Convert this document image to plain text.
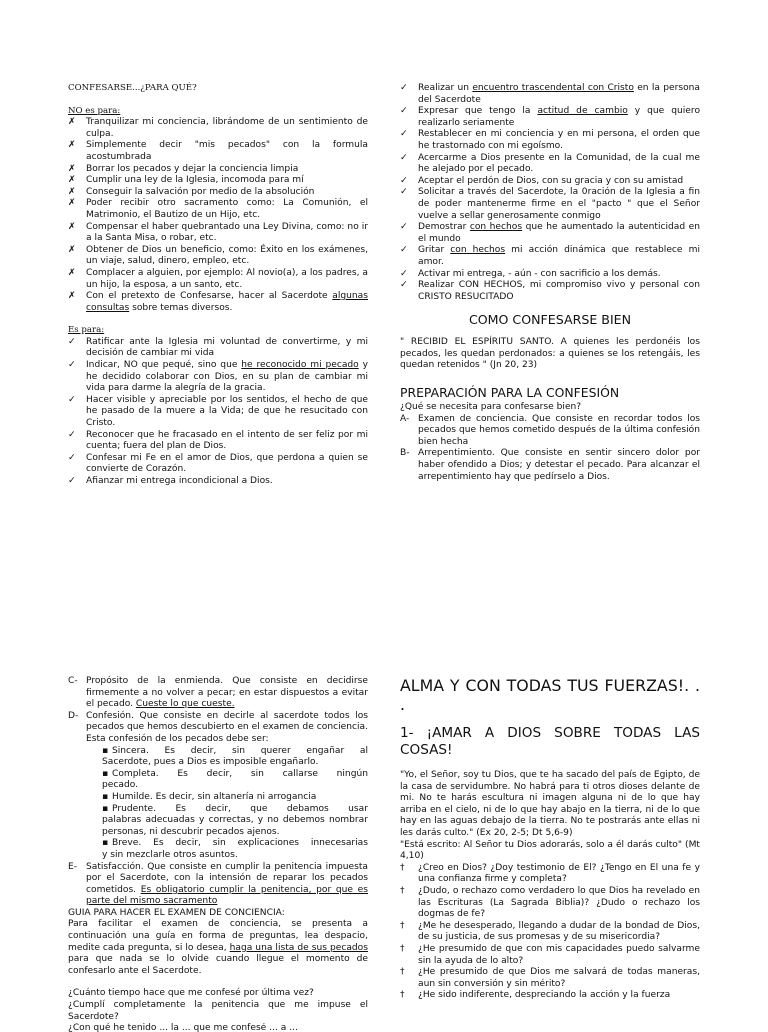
CONFESARSE...¿PARA QUÉ?
NO es para:
✗	Tranquilizar mi conciencia, librándome de un sentimiento de culpa.
✗	Simplemente decir "mis pecados" con la formula acostumbrada
✗	Borrar los pecados y dejar la conciencia limpia
✗	Cumplir una ley de la Iglesia, incomoda para mí
✗	Conseguir la salvación por medio de la absolución
✗	Poder recibir otro sacramento como: La Comunión, el Matrimonio, el Bautizo de un Hijo, etc.
✗	Compensar el haber quebrantado una Ley Divina, como: no ir a la Santa Misa, o robar, etc.
✗	Obtener de Dios un beneficio, como: Éxito en los exámenes, un viaje, salud, dinero, empleo, etc.
✗	Complacer a alguien, por ejemplo: Al novio(a), a los padres, a un hijo, la esposa, a un santo, etc.
✗	Con el pretexto de Confesarse, hacer al Sacerdote algunas consultas sobre temas diversos.
Es para:
✓	Ratificar ante la Iglesia mi voluntad de convertirme, y mi decisión de cambiar mi vida
✓	Indicar, NO que pequé, sino que he reconocido mi pecado y he decidido colaborar con Dios, en su plan de cambiar mi vida para darme la alegría de la gracia.
✓	Hacer visible y apreciable por los sentidos, el hecho de que he pasado de la muere a la Vida; de que he resucitado con Cristo.
✓	Reconocer que he fracasado en el intento de ser feliz por mi cuenta; fuera del plan de Dios.
✓	Confesar mi Fe en el amor de Dios, que perdona a quien se convierte de Corazón.
✓	Afianzar mi entrega incondicional a Dios.
✓	Realizar un encuentro trascendental con Cristo en la persona del Sacerdote
✓	Expresar que tengo la actitud de cambio y que quiero realizarlo seriamente
✓	Restablecer en mi conciencia y en mi persona, el orden que he trastornado con mi egoísmo.
✓	Acercarme a Dios presente en la Comunidad, de la cual me he alejado por el pecado.
✓	Aceptar el perdón de Dios, con su gracia y con su amistad
✓	Solicitar a través del Sacerdote, la 0ración de la Iglesia a fin de poder mantenerme firme en el "pacto " que el Señor vuelve a sellar generosamente conmigo
✓	Demostrar con hechos que he aumentado la autenticidad en el mundo
✓	Gritar con hechos mi acción dinámica que restablece mi amor.
✓	Activar mi entrega, - aún - con sacrificio a los demás.
✓	Realizar CON HECHOS, mi compromiso vivo y personal con CRISTO RESUCITADO
COMO CONFESARSE BIEN
" RECIBID EL ESPÍRITU SANTO. A quienes les perdonéis los pecados, les quedan perdonados: a quienes se los retengáis, les quedan retenidos " (Jn 20, 23)
PREPARACIÓN PARA LA CONFESIÓN
¿Qué se necesita para confesarse bien?
A- Examen de conciencia. Que consiste en recordar todos los pecados que hemos cometido después de la última confesión bien hecha
B- Arrepentimiento. Que consiste en sentir sincero dolor por haber ofendido a Dios; y detestar el pecado. Para alcanzar el arrepentimiento hay que pedírselo a Dios.
C- Propósito de la enmienda. Que consiste en decidirse firmemente a no volver a pecar; en estar dispuestos a evitar el pecado. Cueste lo que cueste.
D- Confesión. Que consiste en decirle al sacerdote todos los pecados que hemos descubierto en el examen de conciencia. Esta confesión de los pecados debe ser:
▪ Sincera. Es decir, sin querer engañar al
Sacerdote, pues a Dios es imposible engañarlo.
▪ Completa. Es decir, sin callarse ningún
pecado.
▪ Humilde. Es decir, sin altanería ni arrogancia
▪ Prudente. Es decir, que debamos usar
palabras adecuadas y correctas, y no debemos nombrar personas, ni descubrir pecados ajenos.
▪ Breve. Es decir, sin explicaciones innecesarias
y sin mezclarle otros asuntos.
E- Satisfacción. Que consiste en cumplir la penitencia impuesta por el Sacerdote, con la intensión de reparar los pecados cometidos. Es obligatorio cumplir la penitencia, por que es parte del mismo sacramento
GUIA PARA HACER EL EXAMEN DE CONCIENCIA:
Para facilitar el examen de conciencia, se presenta a continuación una guía en forma de preguntas, lea despacio, medite cada pregunta, si lo desea, haga una lista de sus pecados para que nada se lo olvide cuando llegue el momento de confesarlo ante el Sacerdote.
¿Cuánto tiempo hace que me confesé por última vez?
¿Cumplí completamente la penitencia que me impuse el Sacerdote?
¿Con qué he tenido ... la ... que me confesé ... a ...
ALMA Y CON TODAS TUS FUERZAS!. . .
1- ¡AMAR A DIOS SOBRE TODAS LAS COSAS!
"Yo, el Señor, soy tu Dios, que te ha sacado del país de Egipto, de la casa de servidumbre. No habrá para ti otros dioses delante de mi. No te harás escultura ni imagen alguna ni de lo que hay arriba en el cielo, ni de lo que hay abajo en la tierra, ni de lo que hay en las aguas debajo de la tierra. No te postrarás ante ellas ni les darás culto." (Ex 20, 2-5; Dt 5,6-9)
"Está escrito: Al Señor tu Dios adorarás, solo a él darás culto" (Mt 4,10)
†	¿Creo en Dios? ¿Doy testimonio de El? ¿Tengo en El una fe y una confianza firme y completa?
†	¿Dudo, o rechazo como verdadero lo que Dios ha revelado en las Escrituras (La Sagrada Biblia)? ¿Dudo o rechazo los dogmas de fe?
†	¿Me he desesperado, llegando a dudar de la bondad de Dios, de su justicia, de sus promesas y de su misericordia?
†	¿He presumido de que con mis capacidades puedo salvarme sin la ayuda de lo alto?
†	¿He presumido de que Dios me salvará de todas maneras, aun sin conversión y sin mérito?
†	¿He sido indiferente, despreciando la acción y la fuerza
